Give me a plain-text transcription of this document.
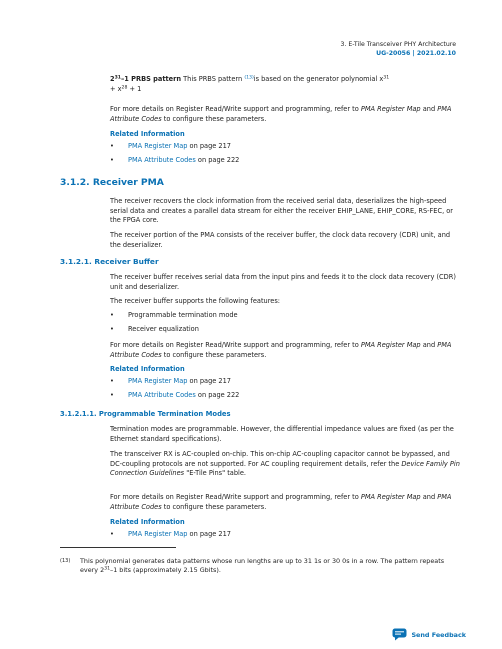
3. E-Tile Transceiver PHY Architecture
UG-20056 | 2021.02.10

$2^{31}-1$ PRBS pattern This PRBS pattern $^{(13)}$is based on the generator polynomial $x^{31}$
+ $x^{28} + 1$

For more details on Register Read/Write support and programming, refer to PMA Register Map and PMA Attribute Codes to configure these parameters.

Related Information
• PMA Register Map on page 217
• PMA Attribute Codes on page 222
3.1.2. Receiver PMA

The receiver recovers the clock information from the received serial data, deserializes the high-speed serial data and creates a parallel data stream for either the receiver EHIP_LANE, EHIP_CORE, RS-FEC, or the FPGA core.

The receiver portion of the PMA consists of the receiver buffer, the clock data recovery (CDR) unit, and the deserializer.

3.1.2.1. Receiver Buffer

The receiver buffer receives serial data from the input pins and feeds it to the clock data recovery (CDR) unit and deserializer.

The receiver buffer supports the following features:

• Programmable termination mode
• Receiver equalization

For more details on Register Read/Write support and programming, refer to PMA Register Map and PMA Attribute Codes to configure these parameters.

Related Information
• PMA Register Map on page 217
• PMA Attribute Codes on page 222
3.1.2.1.1. Programmable Termination Modes

Termination modes are programmable. However, the differential impedance values are fixed (as per the Ethernet standard specifications).

The transceiver RX is AC-coupled on-chip. This on-chip AC-coupling capacitor cannot be bypassed, and DC-coupling protocols are not supported. For AC coupling requirement details, refer the Device Family Pin Connection Guidelines "E-Tile Pins" table.

For more details on Register Read/Write support and programming, refer to PMA Register Map and PMA Attribute Codes to configure these parameters.

Related Information
• PMA Register Map on page 217
(13) This polynomial generates data patterns whose run lengths are up to 31 1s or 30 0s in a row. The pattern repeats every $2^{31}-1$ bits (approximately 2.15 Gbits).
Send Feedback
